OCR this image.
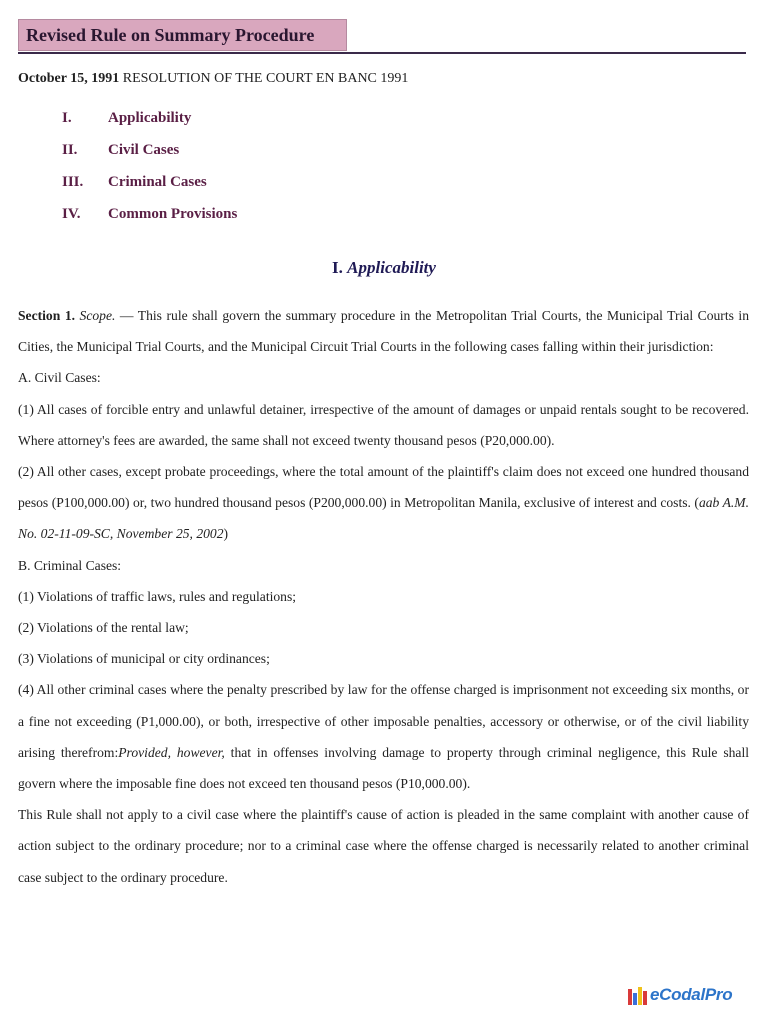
Revised Rule on Summary Procedure
October 15, 1991 RESOLUTION OF THE COURT EN BANC 1991
I. Applicability
II. Civil Cases
III. Criminal Cases
IV. Common Provisions
I. Applicability

Section 1. Scope. — This rule shall govern the summary procedure in the Metropolitan Trial Courts, the Municipal Trial Courts in Cities, the Municipal Trial Courts, and the Municipal Circuit Trial Courts in the following cases falling within their jurisdiction:

A. Civil Cases:

(1) All cases of forcible entry and unlawful detainer, irrespective of the amount of damages or unpaid rentals sought to be recovered. Where attorney's fees are awarded, the same shall not exceed twenty thousand pesos (P20,000.00).

(2) All other cases, except probate proceedings, where the total amount of the plaintiff's claim does not exceed one hundred thousand pesos (P100,000.00) or, two hundred thousand pesos (P200,000.00) in Metropolitan Manila, exclusive of interest and costs. (aab A.M. No. 02-11-09-SC, November 25, 2002)

B. Criminal Cases:

(1) Violations of traffic laws, rules and regulations;

(2) Violations of the rental law;

(3) Violations of municipal or city ordinances;

(4) All other criminal cases where the penalty prescribed by law for the offense charged is imprisonment not exceeding six months, or a fine not exceeding (P1,000.00), or both, irrespective of other imposable penalties, accessory or otherwise, or of the civil liability arising therefrom:Provided, however, that in offenses involving damage to property through criminal negligence, this Rule shall govern where the imposable fine does not exceed ten thousand pesos (P10,000.00).

This Rule shall not apply to a civil case where the plaintiff's cause of action is pleaded in the same complaint with another cause of action subject to the ordinary procedure; nor to a criminal case where the offense charged is necessarily related to another criminal case subject to the ordinary procedure.

eCodalPro
